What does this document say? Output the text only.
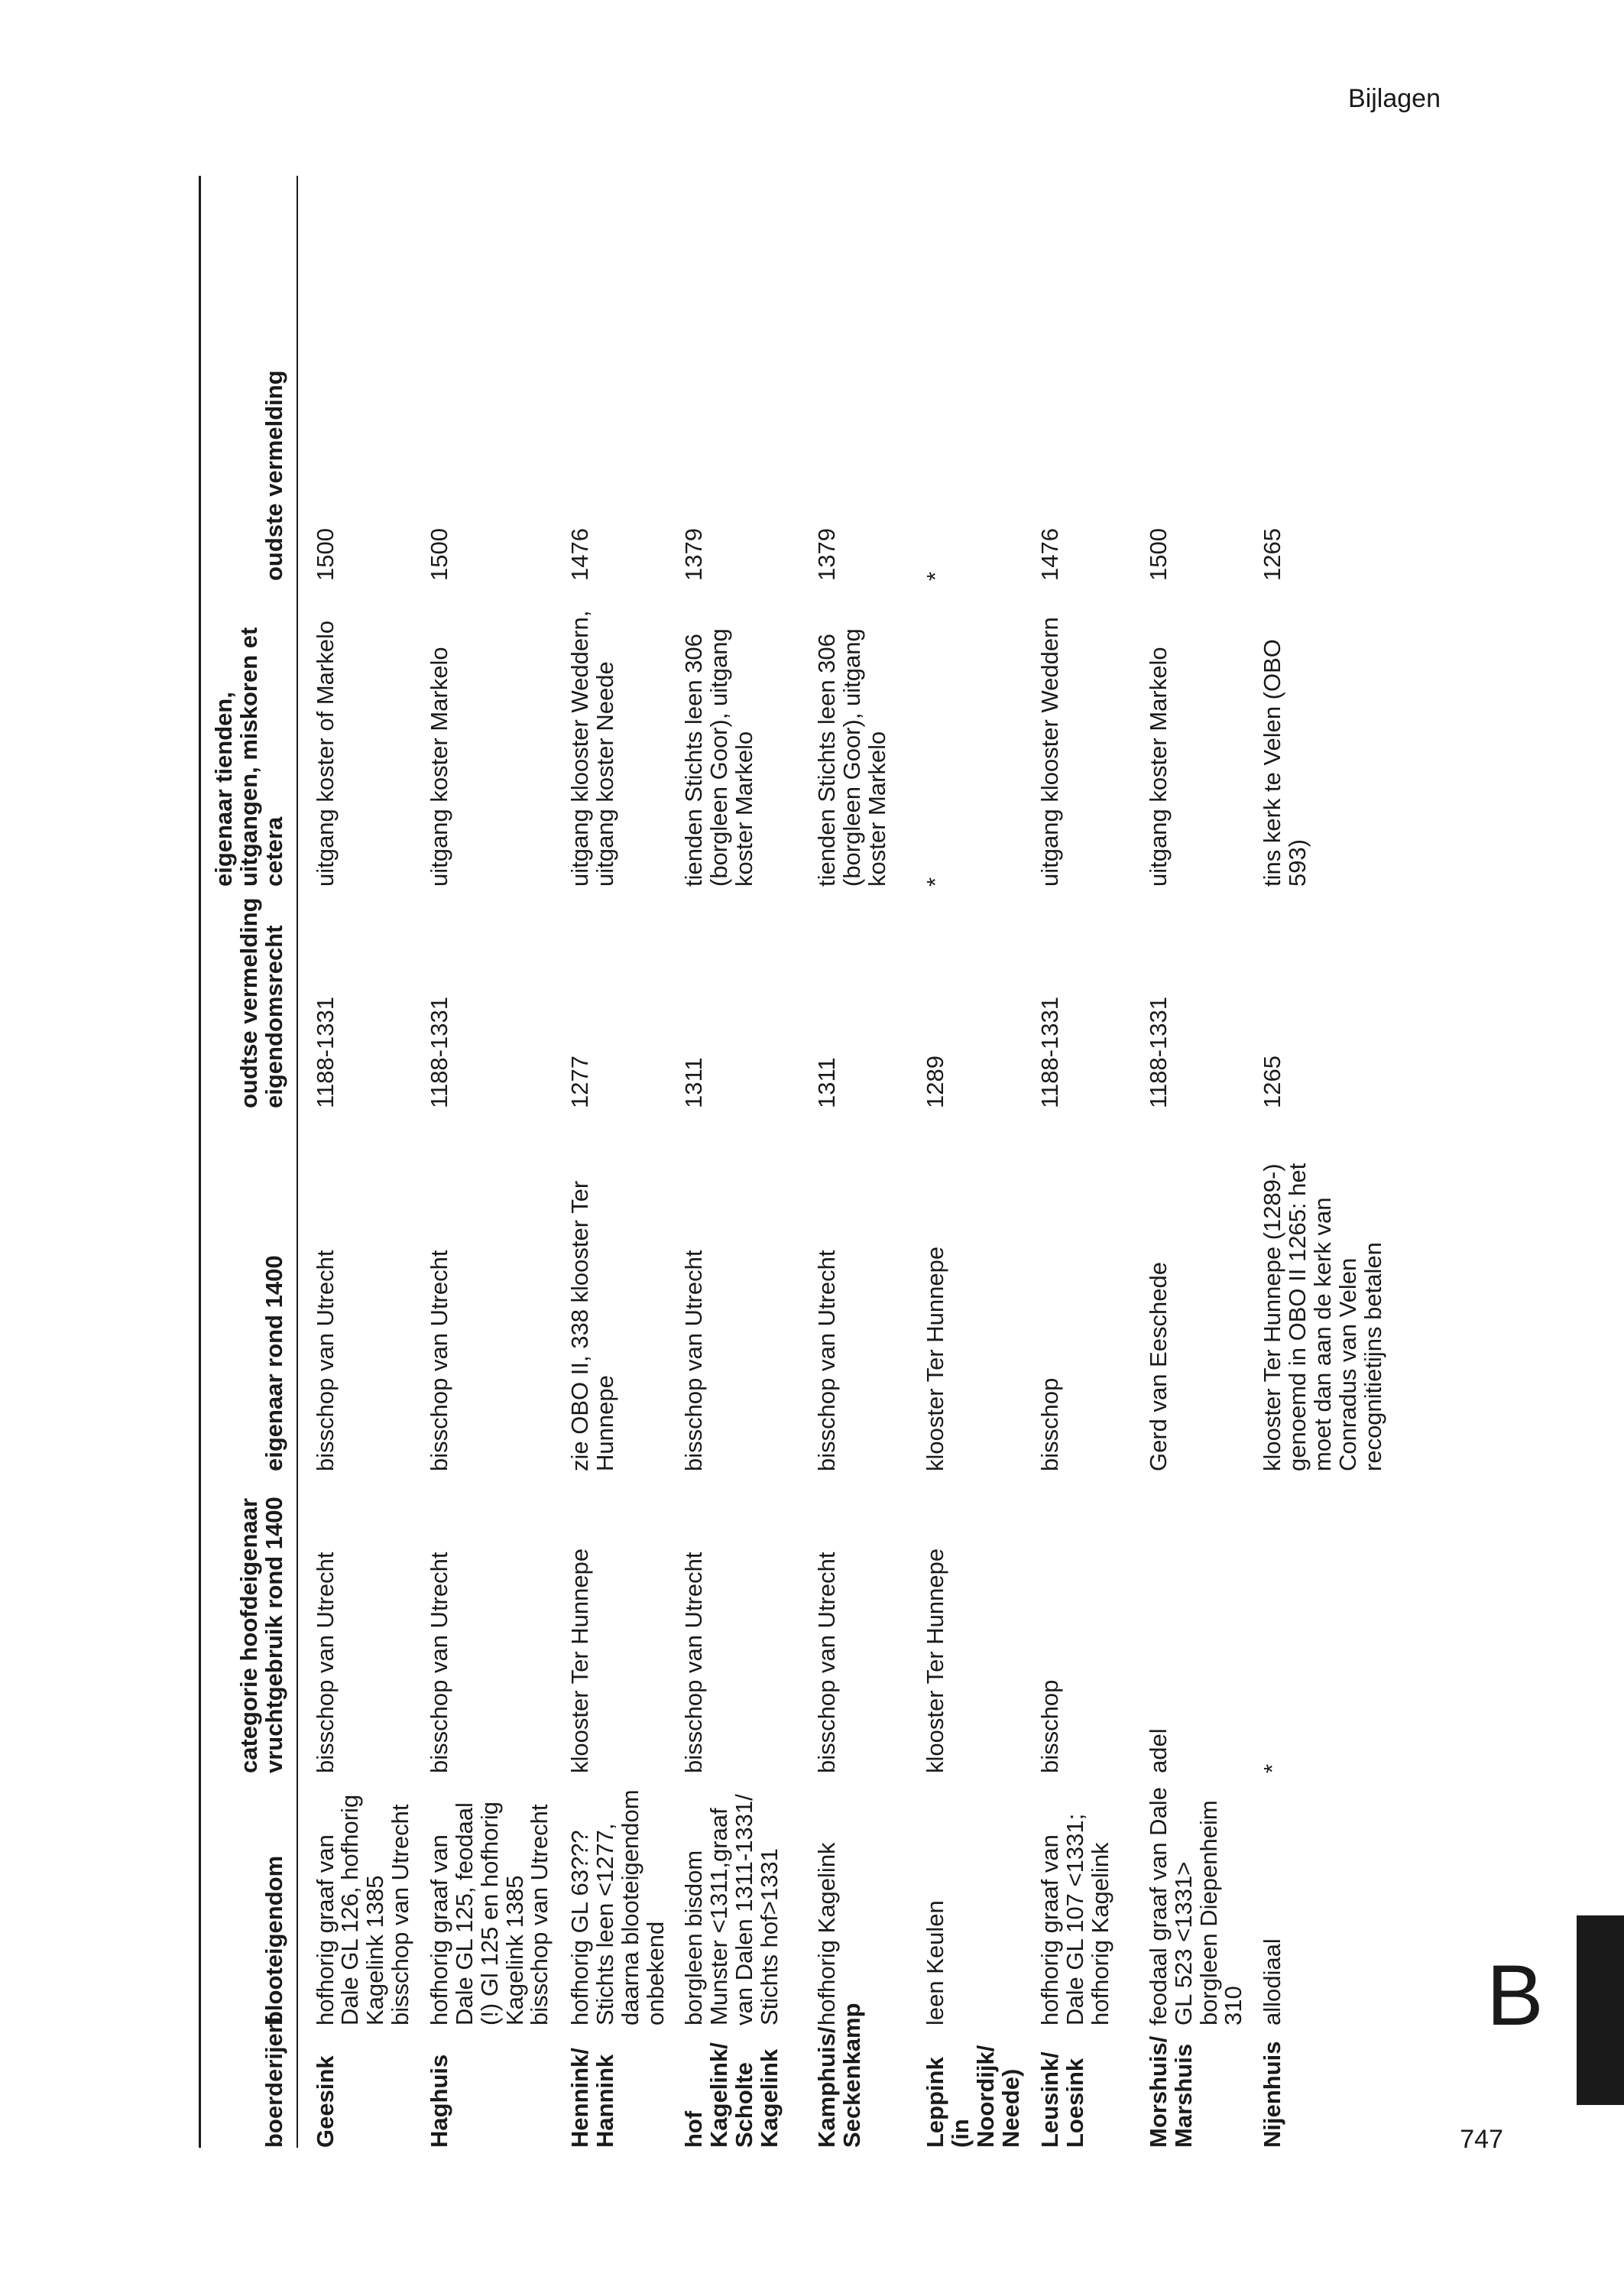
Bijlagen
boerderijerf	blooteigendom	categorie hoofdeigenaar vruchtgebruik rond 1400	eigenaar rond 1400	oudtse vermelding eigendomsrecht	eigenaar tienden, uitgangen, miskoren et cetera	oudste vermelding
Geesink	hofhorig graaf van Dale GL 126, hofhorig Kagelink 1385 bisschop van Utrecht	bisschop van Utrecht	bisschop van Utrecht	1188-1331	uitgang koster of Markelo	1500
Haghuis	hofhorig graaf van Dale GL 125, feodaal (!) Gl 125 en hofhorig Kagelink 1385 bisschop van Utrecht	bisschop van Utrecht	bisschop van Utrecht	1188-1331	uitgang koster Markelo	1500
Hennink/ Hannink	hofhorig GL 63??? Stichts leen <1277, daarna blooteigendom onbekend	klooster Ter Hunnepe	zie OBO II, 338 klooster Ter Hunnepe	1277	uitgang klooster Weddern, uitgang koster Neede	1476
hof Kagelink/ Scholte Kagelink	borgleen bisdom Munster <1311,graaf van Dalen 1311-1331/ Stichts hof>1331	bisschop van Utrecht	bisschop van Utrecht	1311	tienden Stichts leen 306 (borgleen Goor), uitgang koster Markelo	1379
Kamphuis/ Seckenkamp	hofhorig Kagelink	bisschop van Utrecht	bisschop van Utrecht	1311	tienden Stichts leen 306 (borgleen Goor), uitgang koster Markelo	1379
Leppink (in Noordijk/ Neede)	leen Keulen	klooster Ter Hunnepe	klooster Ter Hunnepe	1289	*	*
Leusink/ Loesink	hofhorig graaf van Dale GL 107 <1331; hofhorig Kagelink	bisschop	bisschop	1188-1331	uitgang klooster Weddern	1476
Morshuis/ Marshuis	feodaal graaf van Dale GL 523 <1331> borgleen Diepenheim 310	adel	Gerd van Eeschede	1188-1331	uitgang koster Markelo	1500
Nijenhuis	allodiaal	*	klooster Ter Hunnepe (1289-) genoemd in OBO II 1265: het moet dan aan de kerk van Conradus van Velen recognitietijns betalen	1265	tins kerk te Velen (OBO 593)	1265
B
747
